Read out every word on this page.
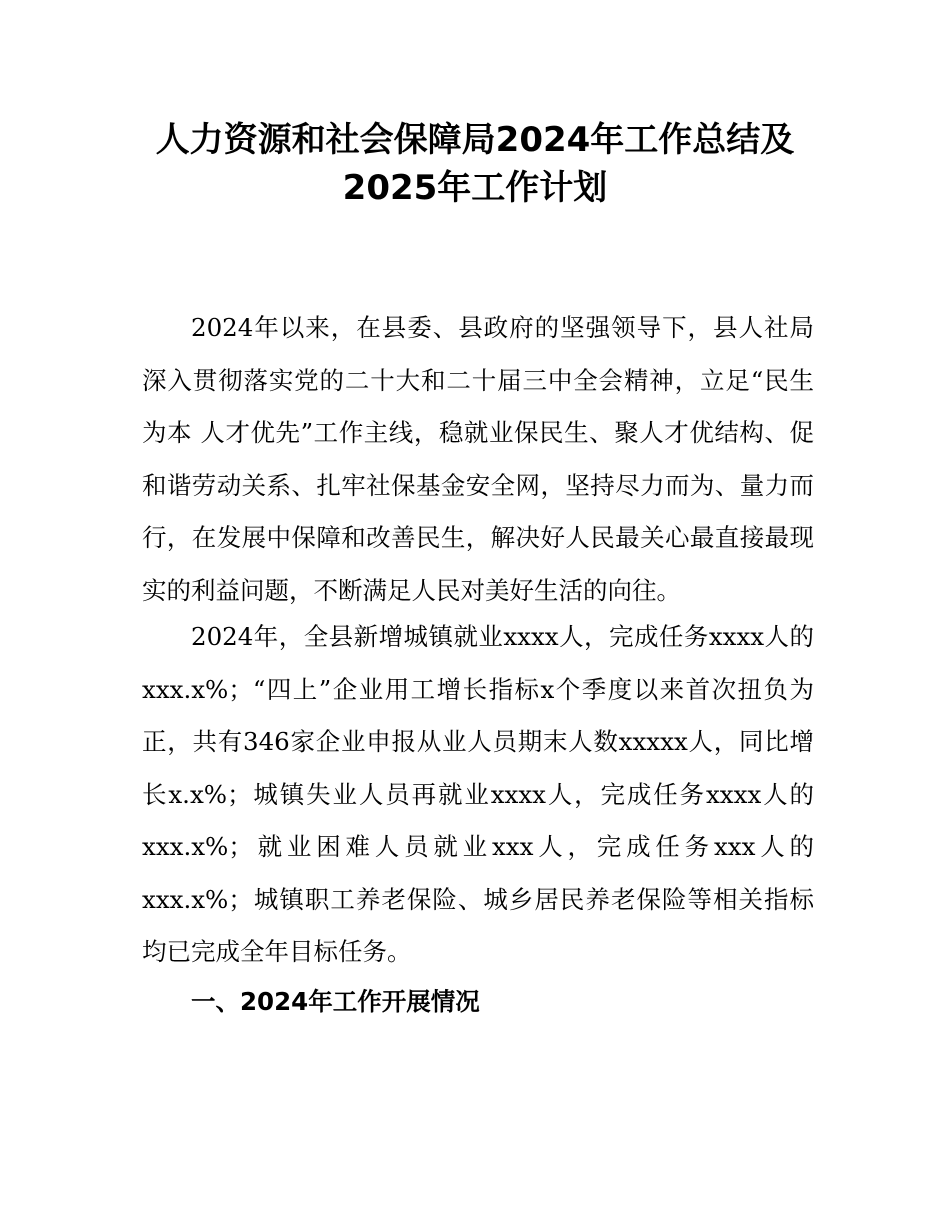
人力资源和社会保障局2024年工作总结及
2025年工作计划

2024年以来，在县委、县政府的坚强领导下，县人社局深入贯彻落实党的二十大和二十届三中全会精神，立足“民生为本 人才优先”工作主线，稳就业保民生、聚人才优结构、促和谐劳动关系、扎牢社保基金安全网，坚持尽力而为、量力而行，在发展中保障和改善民生，解决好人民最关心最直接最现实的利益问题，不断满足人民对美好生活的向往。

2024年，全县新增城镇就业xxxx人，完成任务xxxx人的xxx.x%；“四上”企业用工增长指标x个季度以来首次扭负为正，共有346家企业申报从业人员期末人数xxxxx人，同比增长x.x%；城镇失业人员再就业xxxx人，完成任务xxxx人的xxx.x%；就业困难人员就业xxx人，完成任务xxx人的xxx.x%；城镇职工养老保险、城乡居民养老保险等相关指标均已完成全年目标任务。

一、2024年工作开展情况
